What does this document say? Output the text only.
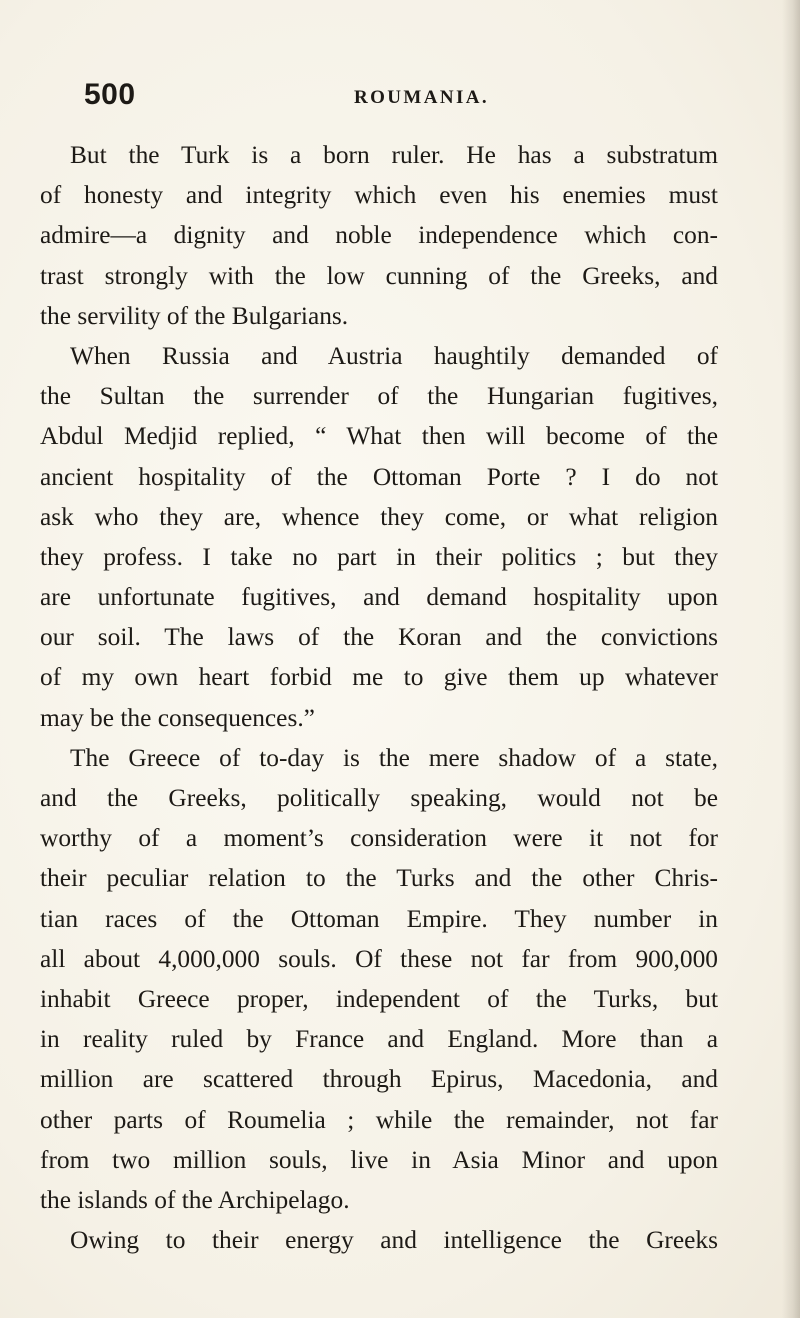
500	ROUMANIA.
But the Turk is a born ruler. He has a substratum
of honesty and integrity which even his enemies must
admire—a dignity and noble independence which con-
trast strongly with the low cunning of the Greeks, and
the servility of the Bulgarians.
When Russia and Austria haughtily demanded of
the Sultan the surrender of the Hungarian fugitives,
Abdul Medjid replied, “ What then will become of the
ancient hospitality of the Ottoman Porte ? I do not
ask who they are, whence they come, or what religion
they profess. I take no part in their politics ; but they
are unfortunate fugitives, and demand hospitality upon
our soil. The laws of the Koran and the convictions
of my own heart forbid me to give them up whatever
may be the consequences.”
The Greece of to-day is the mere shadow of a state,
and the Greeks, politically speaking, would not be
worthy of a moment’s consideration were it not for
their peculiar relation to the Turks and the other Chris-
tian races of the Ottoman Empire. They number in
all about 4,000,000 souls. Of these not far from 900,000
inhabit Greece proper, independent of the Turks, but
in reality ruled by France and England. More than a
million are scattered through Epirus, Macedonia, and
other parts of Roumelia ; while the remainder, not far
from two million souls, live in Asia Minor and upon
the islands of the Archipelago.
Owing to their energy and intelligence the Greeks
